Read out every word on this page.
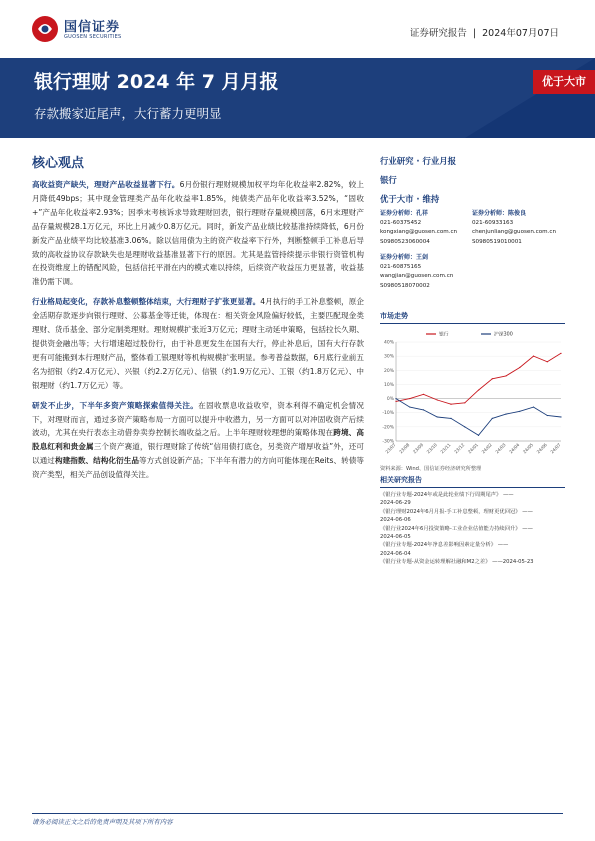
国信证券
GUOSEN SECURITIES	证券研究报告 | 2024年07月07日
银行理财 2024 年 7 月月报
存款搬家近尾声，大行蓄力更明显
优于大市
核心观点

高收益资产缺失，理财产品收益显著下行。6月份银行理财规模加权平均年化收益率2.82%，较上月降低49bps；其中现金管理类产品年化收益率1.85%，纯债类产品年化收益率3.52%，“固收+”产品年化收益率2.93%；因季末考核诉求导致理财回表，银行理财存量规模回落，6月末理财产品存量规模28.1万亿元，环比上月减少0.8万亿元。同时，新发产品业绩比较基准持续降低，6月份新发产品业绩平均比较基准3.06%。除以信用债为主的资产收益率下行外，判断整顿手工补息后导致的高收益协议存款缺失也是理财收益基准显著下行的原因。尤其是监管持续提示非银行资管机构在投资维度上的错配风险，包括信托平滑在内的模式难以持续，后续资产收益压力更显著，收益基准仍需下调。

行业格局起变化，存款补息整顿整体结束，大行理财子扩张更显著。4月执行的手工补息整顿，原企金活期存款逐步向银行理财、公募基金等迁徙，体现在：相关资金风险偏好较低，主要匹配现金类理财、货币基金、部分定制类理财。理财规模扩张近3万亿元；理财主动延申策略，包括拉长久期、提供资金融出等；大行增速超过股份行，由于补息更发生在国有大行，停止补息后，国有大行存款更有可能搬到本行理财产品，整体看工银理财等机构规模扩张明显。参考普益数据，6月底行业前五名为招银（约2.4万亿元）、兴银（约2.2万亿元）、信银（约1.9万亿元）、工银（约1.8万亿元）、中银理财（约1.7万亿元）等。

研发不止步，下半年多资产策略探索值得关注。在固收票息收益收窄，资本利得不确定机会情况下，对理财而言，通过多资产策略布局一方面可以提升中收潜力，另一方面可以对冲固收资产后续波动，尤其在央行表态主动借券卖券控制长端收益之后。上半年理财较理想的策略体现在跨境、高股息红利和贵金属三个资产赛道，银行理财除了传统“信用债打底仓，另类资产增厚收益”外，还可以通过构建指数、结构化衍生品等方式创设新产品；下半年有潜力的方向可能体现在Reits、转债等资产类型，相关产品创设值得关注。

行业研究 · 行业月报
银行
优于大市 · 维持
证券分析师：孔祥
021-60375452
kongxiang@guosen.com.cn
S0980523060004
证券分析师：陈俊良
021-60933163
chenjunliang@guosen.com.cn
S0980519010001
证券分析师：王剑
021-60875165
wangjian@guosen.com.cn
S0980518070002
市场走势
-30%
-20%
-10%
0%
10%
20%
30%
40%
23/07 23/08 23/09 23/10 23/11 23/12 24/01 24/02 24/03 24/04 24/05 24/06 24/07
银行	沪深300
资料来源：Wind、国信证券经济研究所整理
相关研究报告
《银行业专题-2024年或是此轮业绩下行周期尾声》 ——
2024-06-29
《银行理财2024年6月月报-手工补息整顿，理财更优回冠》 ——
2024-06-06
《银行业2024年6月投资策略-工业企业估值能力持续回升》 ——
2024-06-05
《银行业专题-2024年净息差影响因素定量分析》 ——
2024-06-04
《银行业专题-从资金运转理解社融和M2之差》 ——2024-05-23
请务必阅读正文之后的免责声明及其项下所有内容
